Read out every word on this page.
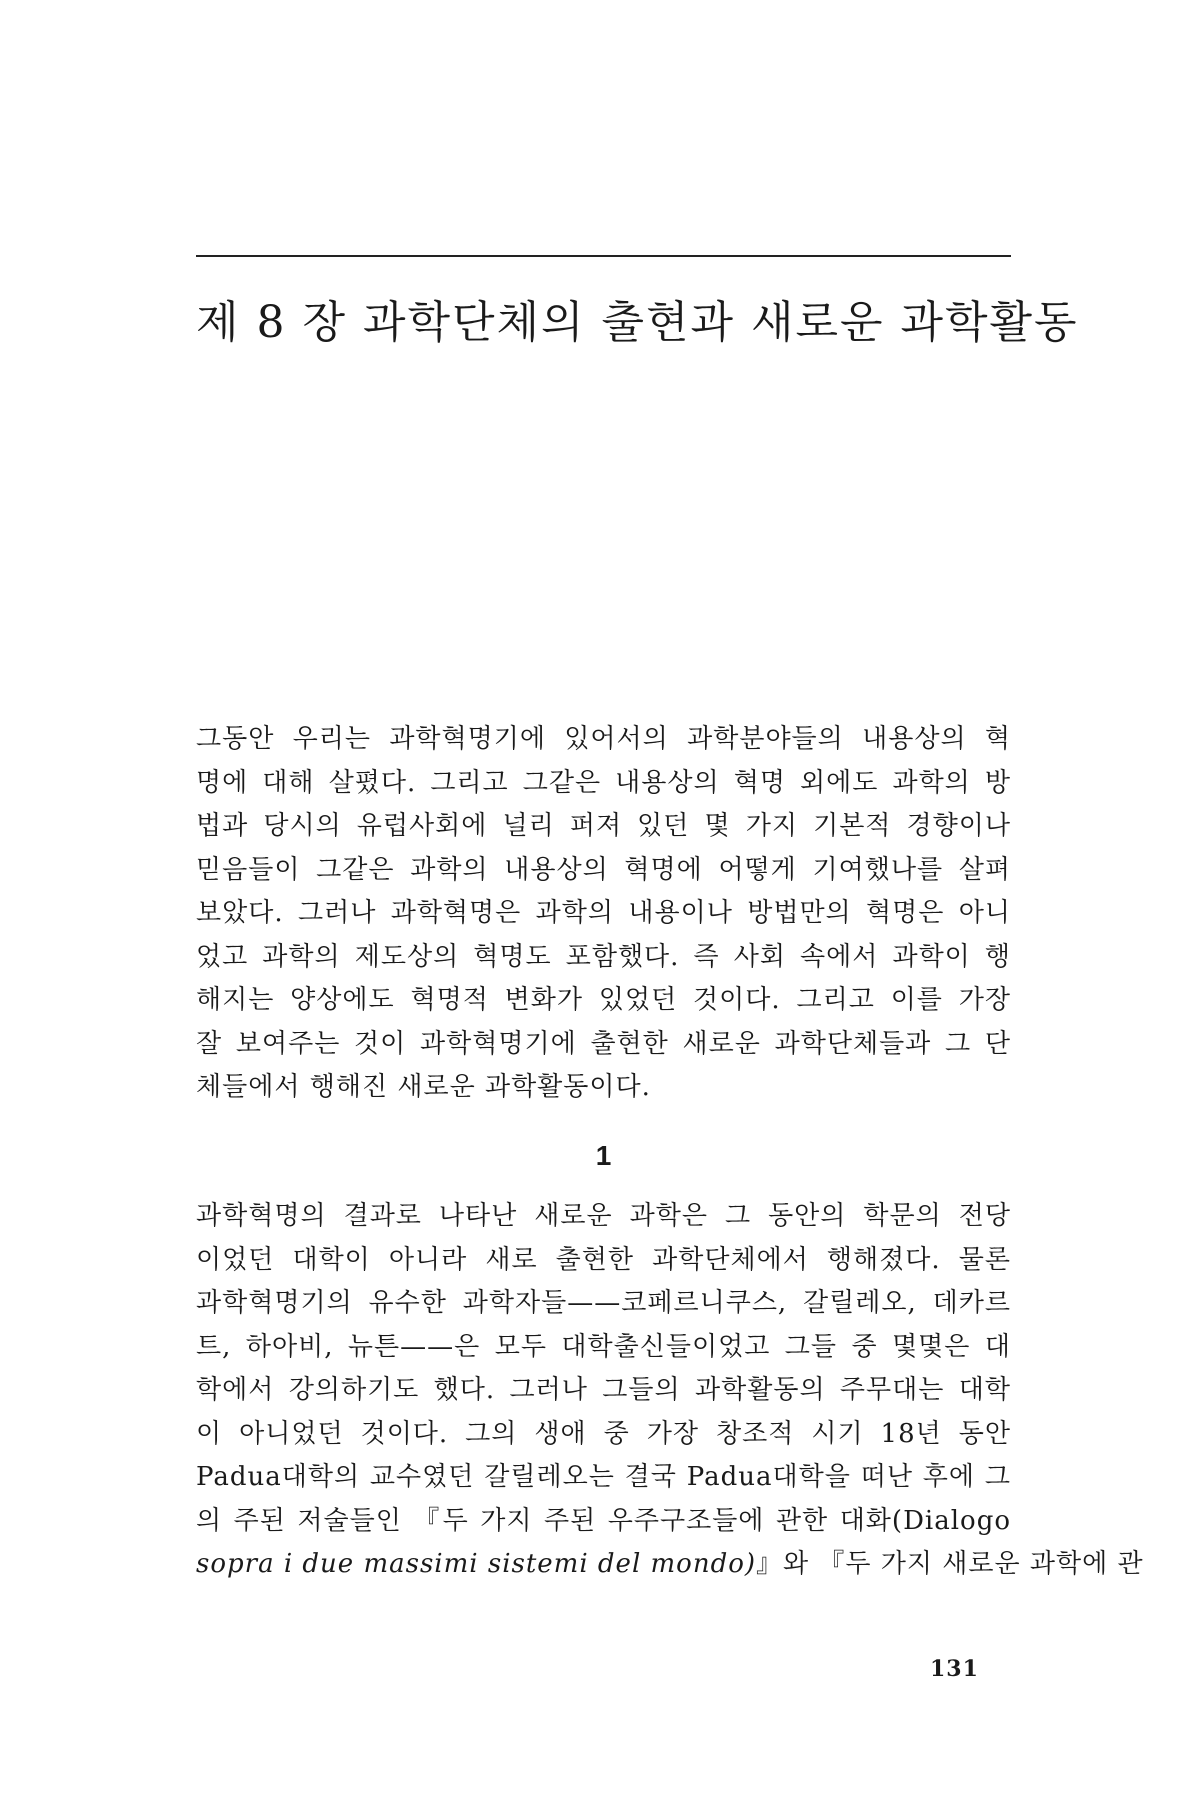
제 8 장 과학단체의 출현과 새로운 과학활동
그동안 우리는 과학혁명기에 있어서의 과학분야들의 내용상의 혁
명에 대해 살폈다. 그리고 그같은 내용상의 혁명 외에도 과학의 방
법과 당시의 유럽사회에 널리 퍼져 있던 몇 가지 기본적 경향이나
믿음들이 그같은 과학의 내용상의 혁명에 어떻게 기여했나를 살펴
보았다. 그러나 과학혁명은 과학의 내용이나 방법만의 혁명은 아니
었고 과학의 제도상의 혁명도 포함했다. 즉 사회 속에서 과학이 행
해지는 양상에도 혁명적 변화가 있었던 것이다. 그리고 이를 가장
잘 보여주는 것이 과학혁명기에 출현한 새로운 과학단체들과 그 단
체들에서 행해진 새로운 과학활동이다.
1
과학혁명의 결과로 나타난 새로운 과학은 그 동안의 학문의 전당
이었던 대학이 아니라 새로 출현한 과학단체에서 행해졌다. 물론
과학혁명기의 유수한 과학자들——코페르니쿠스, 갈릴레오, 데카르
트, 하아비, 뉴튼——은 모두 대학출신들이었고 그들 중 몇몇은 대
학에서 강의하기도 했다. 그러나 그들의 과학활동의 주무대는 대학
이 아니었던 것이다. 그의 생애 중 가장 창조적 시기 18년 동안
Padua대학의 교수였던 갈릴레오는 결국 Padua대학을 떠난 후에 그
의 주된 저술들인 『두 가지 주된 우주구조들에 관한 대화(Dialogo
sopra i due massimi sistemi del mondo)』와 『두 가지 새로운 과학에 관
131
